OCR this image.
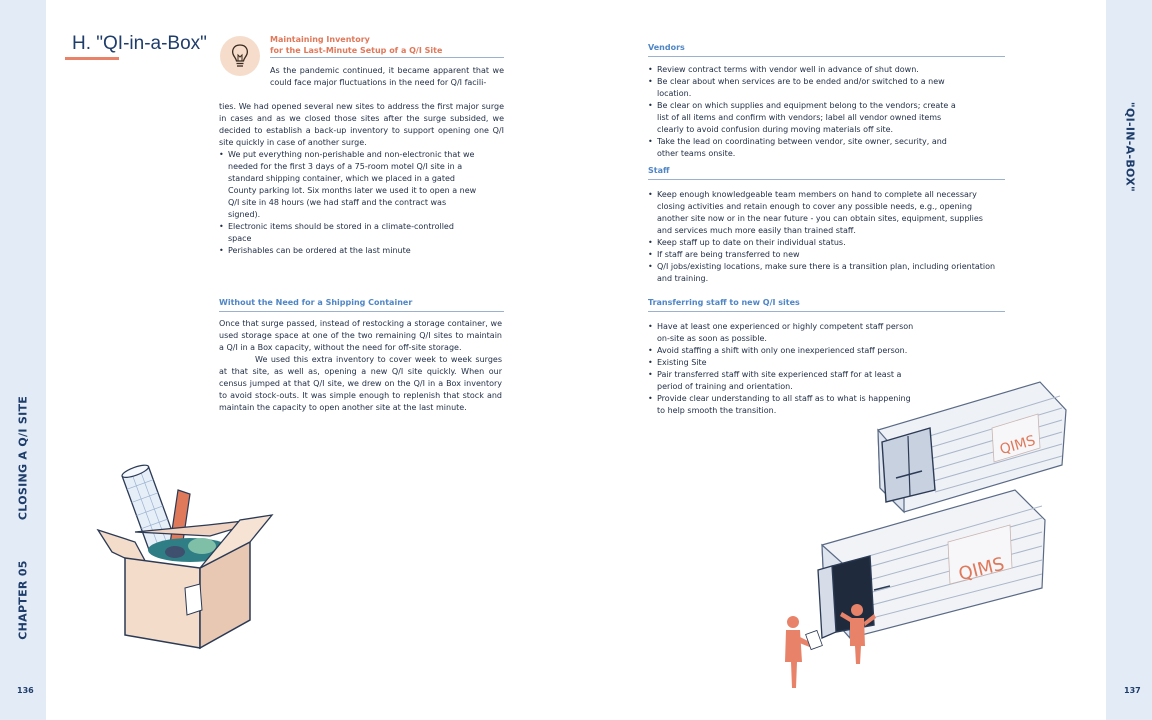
CHAPTER 05
CLOSING A Q/I SITE
136
"QI-IN-A-BOX"
137
H. "QI-in-a-Box"	Maintaining Inventory
for the Last-Minute Setup of a Q/I Site

As the pandemic continued, it became apparent that we could face major fluctuations in the need for Q/I facili-

ties. We had opened several new sites to address the first major surge in cases and as we closed those sites after the surge subsided, we decided to establish a back-up inventory to support opening one Q/I site quickly in case of another surge.

• We put everything non-perishable and non-electronic that we needed for the first 3 days of a 75-room motel Q/I site in a standard shipping container, which we placed in a gated County parking lot. Six months later we used it to open a new Q/I site in 48 hours (we had staff and the contract was signed).
• Electronic items should be stored in a climate-controlled space
• Perishables can be ordered at the last minute
Without the Need for a Shipping Container

Once that surge passed, instead of restocking a storage container, we used storage space at one of the two remaining Q/I sites to maintain a Q/I in a Box capacity, without the need for off-site storage.

We used this extra inventory to cover week to week surges at that site, as well as, opening a new Q/I site quickly. When our census jumped at that Q/I site, we drew on the Q/I in a Box inventory to avoid stock-outs. It was simple enough to replenish that stock and maintain the capacity to open another site at the last minute.

Vendors
• Review contract terms with vendor well in advance of shut down.
• Be clear about when services are to be ended and/or switched to a new location.
• Be clear on which supplies and equipment belong to the vendors; create a list of all items and confirm with vendors; label all vendor owned items clearly to avoid confusion during moving materials off site.
• Take the lead on coordinating between vendor, site owner, security, and other teams onsite.
Staff
• Keep enough knowledgeable team members on hand to complete all necessary closing activities and retain enough to cover any possible needs, e.g., opening another site now or in the near future - you can obtain sites, equipment, supplies and services much more easily than trained staff.
• Keep staff up to date on their individual status.
• If staff are being transferred to new
• Q/I jobs/existing locations, make sure there is a transition plan, including orientation and training.
Transferring staff to new Q/I sites
• Have at least one experienced or highly competent staff person on-site as soon as possible.
• Avoid staffing a shift with only one inexperienced staff person.
• Existing Site
• Pair transferred staff with site experienced staff for at least a period of training and orientation.
• Provide clear understanding to all staff as to what is happening to help smooth the transition.
QIMS
QIMS
